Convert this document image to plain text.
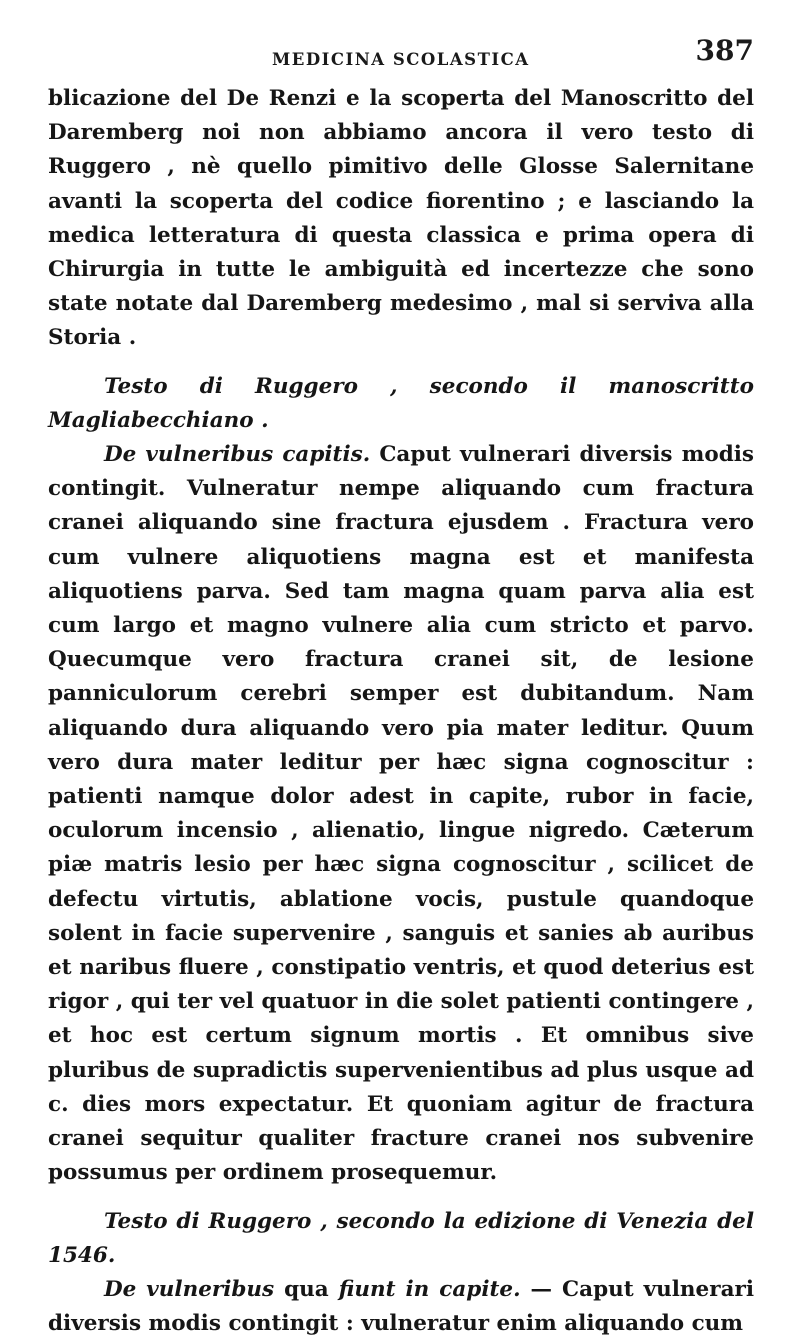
MEDICINA SCOLASTICA	387

blicazione del De Renzi e la scoperta del Manoscritto del Daremberg noi non abbiamo ancora il vero testo di Ruggero , nè quello pimitivo delle Glosse Salernitane avanti la scoperta del codice fiorentino ; e lasciando la medica letteratura di questa classica e prima opera di Chirurgia in tutte le ambiguità ed incertezze che sono state notate dal Daremberg medesimo , mal si serviva alla Storia .

Testo di Ruggero , secondo il manoscritto Magliabecchiano .

De vulneribus capitis. Caput vulnerari diversis modis contingit. Vulneratur nempe aliquando cum fractura cranei aliquando sine fractura ejusdem . Fractura vero cum vulnere aliquotiens magna est et manifesta aliquotiens parva. Sed tam magna quam parva alia est cum largo et magno vulnere alia cum stricto et parvo. Quecumque vero fractura cranei sit, de lesione panniculorum cerebri semper est dubitandum. Nam aliquando dura aliquando vero pia mater leditur. Quum vero dura mater leditur per hæc signa cognoscitur : patienti namque dolor adest in capite, rubor in facie, oculorum incensio , alienatio, lingue nigredo. Cæterum piæ matris lesio per hæc signa cognoscitur , scilicet de defectu virtutis, ablatione vocis, pustule quandoque solent in facie supervenire , sanguis et sanies ab auribus et naribus fluere , constipatio ventris, et quod deterius est rigor , qui ter vel quatuor in die solet patienti contingere , et hoc est certum signum mortis . Et omnibus sive pluribus de supradictis supervenientibus ad plus usque ad c. dies mors expectatur. Et quoniam agitur de fractura cranei sequitur qualiter fracture cranei nos subvenire possumus per ordinem prosequemur.

Testo di Ruggero , secondo la edizione di Venezia del 1546.

De vulneribus qua fiunt in capite. — Caput vulnerari diversis modis contingit : vulneratur enim aliquando cum
